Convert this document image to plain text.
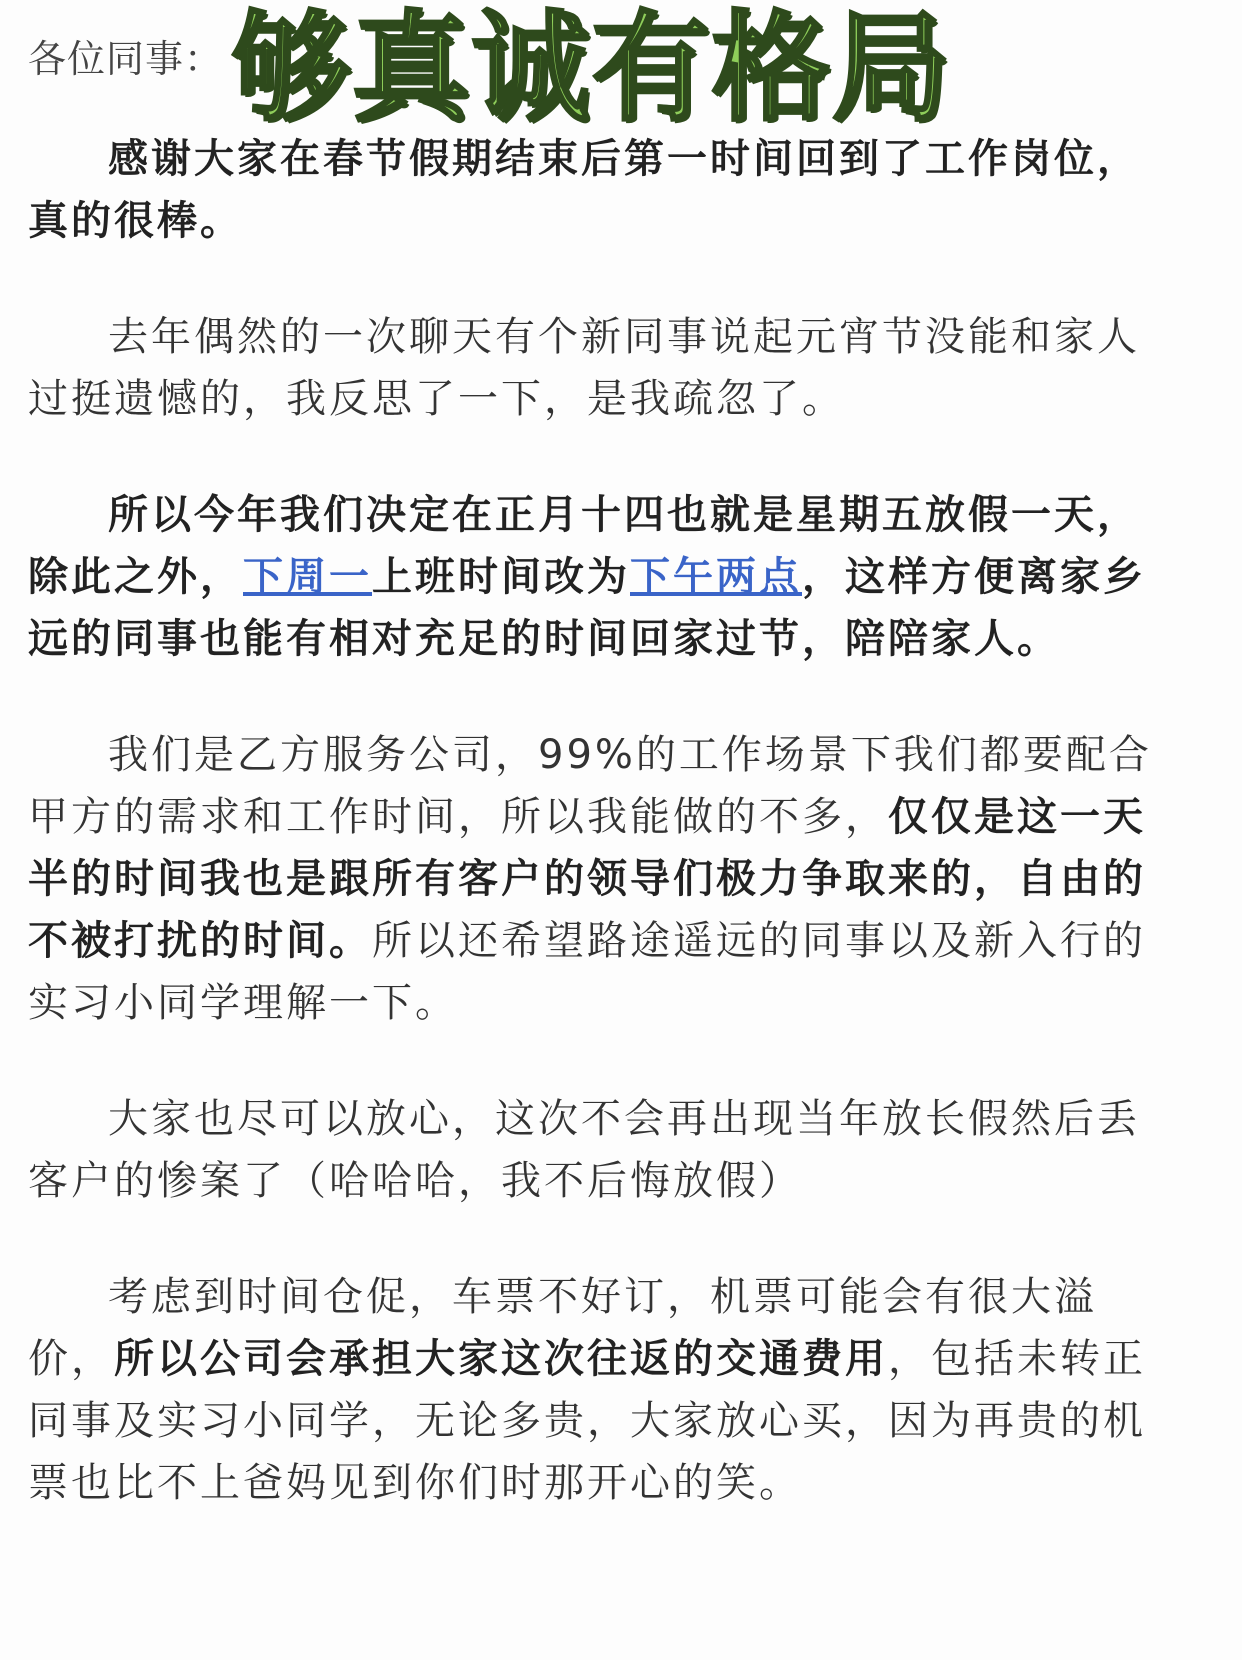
各位同事： 够真诚有格局

感谢大家在春节假期结束后第一时间回到了工作岗位，真的很棒。

去年偶然的一次聊天有个新同事说起元宵节没能和家人过挺遗憾的，我反思了一下，是我疏忽了。

所以今年我们决定在正月十四也就是星期五放假一天，除此之外，下周一上班时间改为下午两点，这样方便离家乡远的同事也能有相对充足的时间回家过节，陪陪家人。

我们是乙方服务公司，99%的工作场景下我们都要配合甲方的需求和工作时间，所以我能做的不多，仅仅是这一天半的时间我也是跟所有客户的领导们极力争取来的，自由的不被打扰的时间。所以还希望路途遥远的同事以及新入行的实习小同学理解一下。

大家也尽可以放心，这次不会再出现当年放长假然后丢客户的惨案了（哈哈哈，我不后悔放假）

考虑到时间仓促，车票不好订，机票可能会有很大溢价，所以公司会承担大家这次往返的交通费用，包括未转正同事及实习小同学，无论多贵，大家放心买，因为再贵的机票也比不上爸妈见到你们时那开心的笑。
